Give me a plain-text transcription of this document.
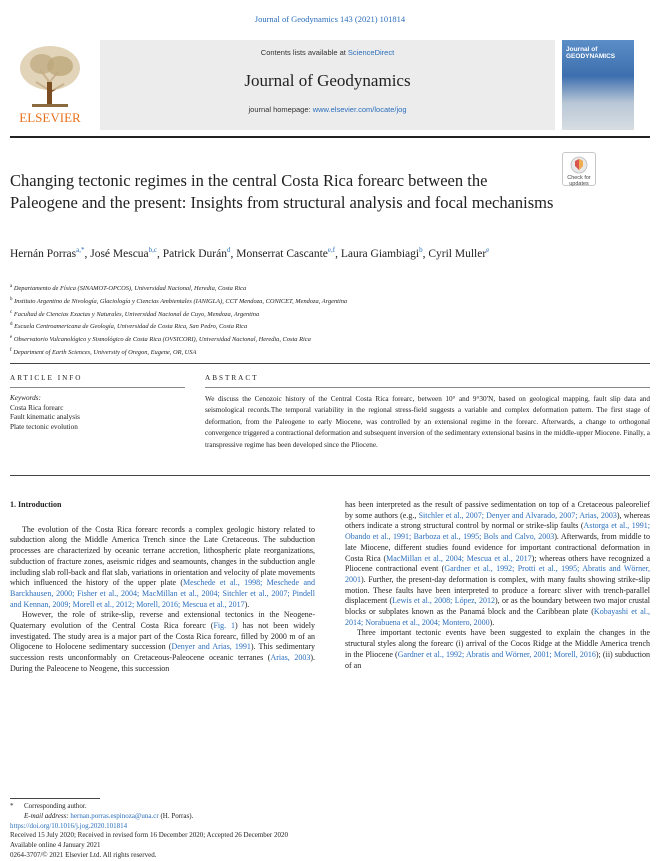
Journal of Geodynamics 143 (2021) 101814
ELSEVIER
Contents lists available at ScienceDirect
Journal of Geodynamics
journal homepage: www.elsevier.com/locate/jog
Journal of GEODYNAMICS
Changing tectonic regimes in the central Costa Rica forearc between the Paleogene and the present: Insights from structural analysis and focal mechanisms
Check for
updates
Hernán Porras$^{a,*}$, José Mescua$^{b,c}$, Patrick Durán$^d$, Monserrat Cascante$^{e,f}$, Laura Giambiagi$^b$, Cyril Muller$^e$
$^a$ Departamento de Física (SINAMOT-OPCOS), Universidad Nacional, Heredia, Costa Rica
$^b$ Instituto Argentino de Nivología, Glaciología y Ciencias Ambientales (IANIGLA), CCT Mendoza, CONICET, Mendoza, Argentina
$^c$ Facultad de Ciencias Exactas y Naturales, Universidad Nacional de Cuyo, Mendoza, Argentina
$^d$ Escuela Centroamericana de Geología, Universidad de Costa Rica, San Pedro, Costa Rica
$^e$ Observatorio Vulcanológico y Sismológico de Costa Rica (OVSICORI), Universidad Nacional, Heredia, Costa Rica
$^f$ Department of Earth Sciences, University of Oregon, Eugene, OR, USA
ARTICLE INFO	ABSTRACT
Keywords:
Costa Rica forearc
Fault kinematic analysis
Plate tectonic evolution
We discuss the Cenozoic history of the Central Costa Rica forearc, between 10° and 9°30′N, based on geological mapping, fault slip data and seismological records.The temporal variability in the regional stress-field suggests a variable and complex deformation pattern. The first stage of deformation, from the Paleogene to early Miocene, was controlled by an extensional regime in the forearc. Afterwards, a change to orthogonal convergence triggered a contractional deformation and subsequent inversion of the sedimentary extensional basins in the middle-upper Miocene. Finally, a transpressive regime has been developed since the Pliocene.
1. Introduction

The evolution of the Costa Rica forearc records a complex geologic history related to subduction along the Middle America Trench since the Late Cretaceous. The subduction processes are characterized by oceanic terrane accretion, lithospheric plate reorganizations, subduction of fracture zones, aseismic ridges and seamounts, changes in the subduction angle including slab roll-back and flat slab, variations in orientation and velocity of plate movements which influenced the history of the upper plate (Meschede et al., 1998; Meschede and Barckhausen, 2000; Fisher et al., 2004; MacMillan et al., 2004; Sitchler et al., 2007; Pindell and Kennan, 2009; Morell et al., 2012; Morell, 2016; Mescua et al., 2017).

However, the role of strike-slip, reverse and extensional tectonics in the Neogene-Quaternary evolution of the Central Costa Rica forearc (Fig. 1) has not been widely investigated. The study area is a major part of the Costa Rica forearc, filled by 2000 m of an Oligocene to Holocene sedimentary succession (Denyer and Arias, 1991). This sedimentary succession rests unconformably on Cretaceous-Paleocene oceanic terranes (Arias, 2003). During the Paleocene to Neogene, this succession

has been interpreted as the result of passive sedimentation on top of a Cretaceous paleorelief by some authors (e.g., Sitchler et al., 2007; Denyer and Alvarado, 2007; Arias, 2003), whereas others indicate a strong structural control by normal or strike-slip faults (Astorga et al., 1991; Obando et al., 1991; Barboza et al., 1995; Bols and Calvo, 2003). Afterwards, from middle to late Miocene, different studies found evidence for important contractional deformation in Costa Rica (MacMillan et al., 2004; Mescua et al., 2017); whereas others have recognized a Pliocene contractional event (Gardner et al., 1992; Protti et al., 1995; Abratis and Wörner, 2001). Further, the present-day deformation is complex, with many faults showing strike-slip motion. These faults have been interpreted to produce a forearc sliver with trench-parallel displacement (Lewis et al., 2008; López, 2012), or as the boundary between two major crustal blocks or subplates known as the Panamá block and the Caribbean plate (Kobayashi et al., 2014; Norabuena et al., 2004; Montero, 2000).

Three important tectonic events have been suggested to explain the changes in the structural styles along the forearc (i) arrival of the Cocos Ridge at the Middle America trench in the Pliocene (Gardner et al., 1992; Abratis and Wörner, 2001; Morell, 2016); (ii) subduction of an

* Corresponding author.
E-mail address: hernan.porras.espinoza@una.cr (H. Porras).
https://doi.org/10.1016/j.jog.2020.101814
Received 15 July 2020; Received in revised form 16 December 2020; Accepted 26 December 2020
Available online 4 January 2021
0264-3707/© 2021 Elsevier Ltd. All rights reserved.
